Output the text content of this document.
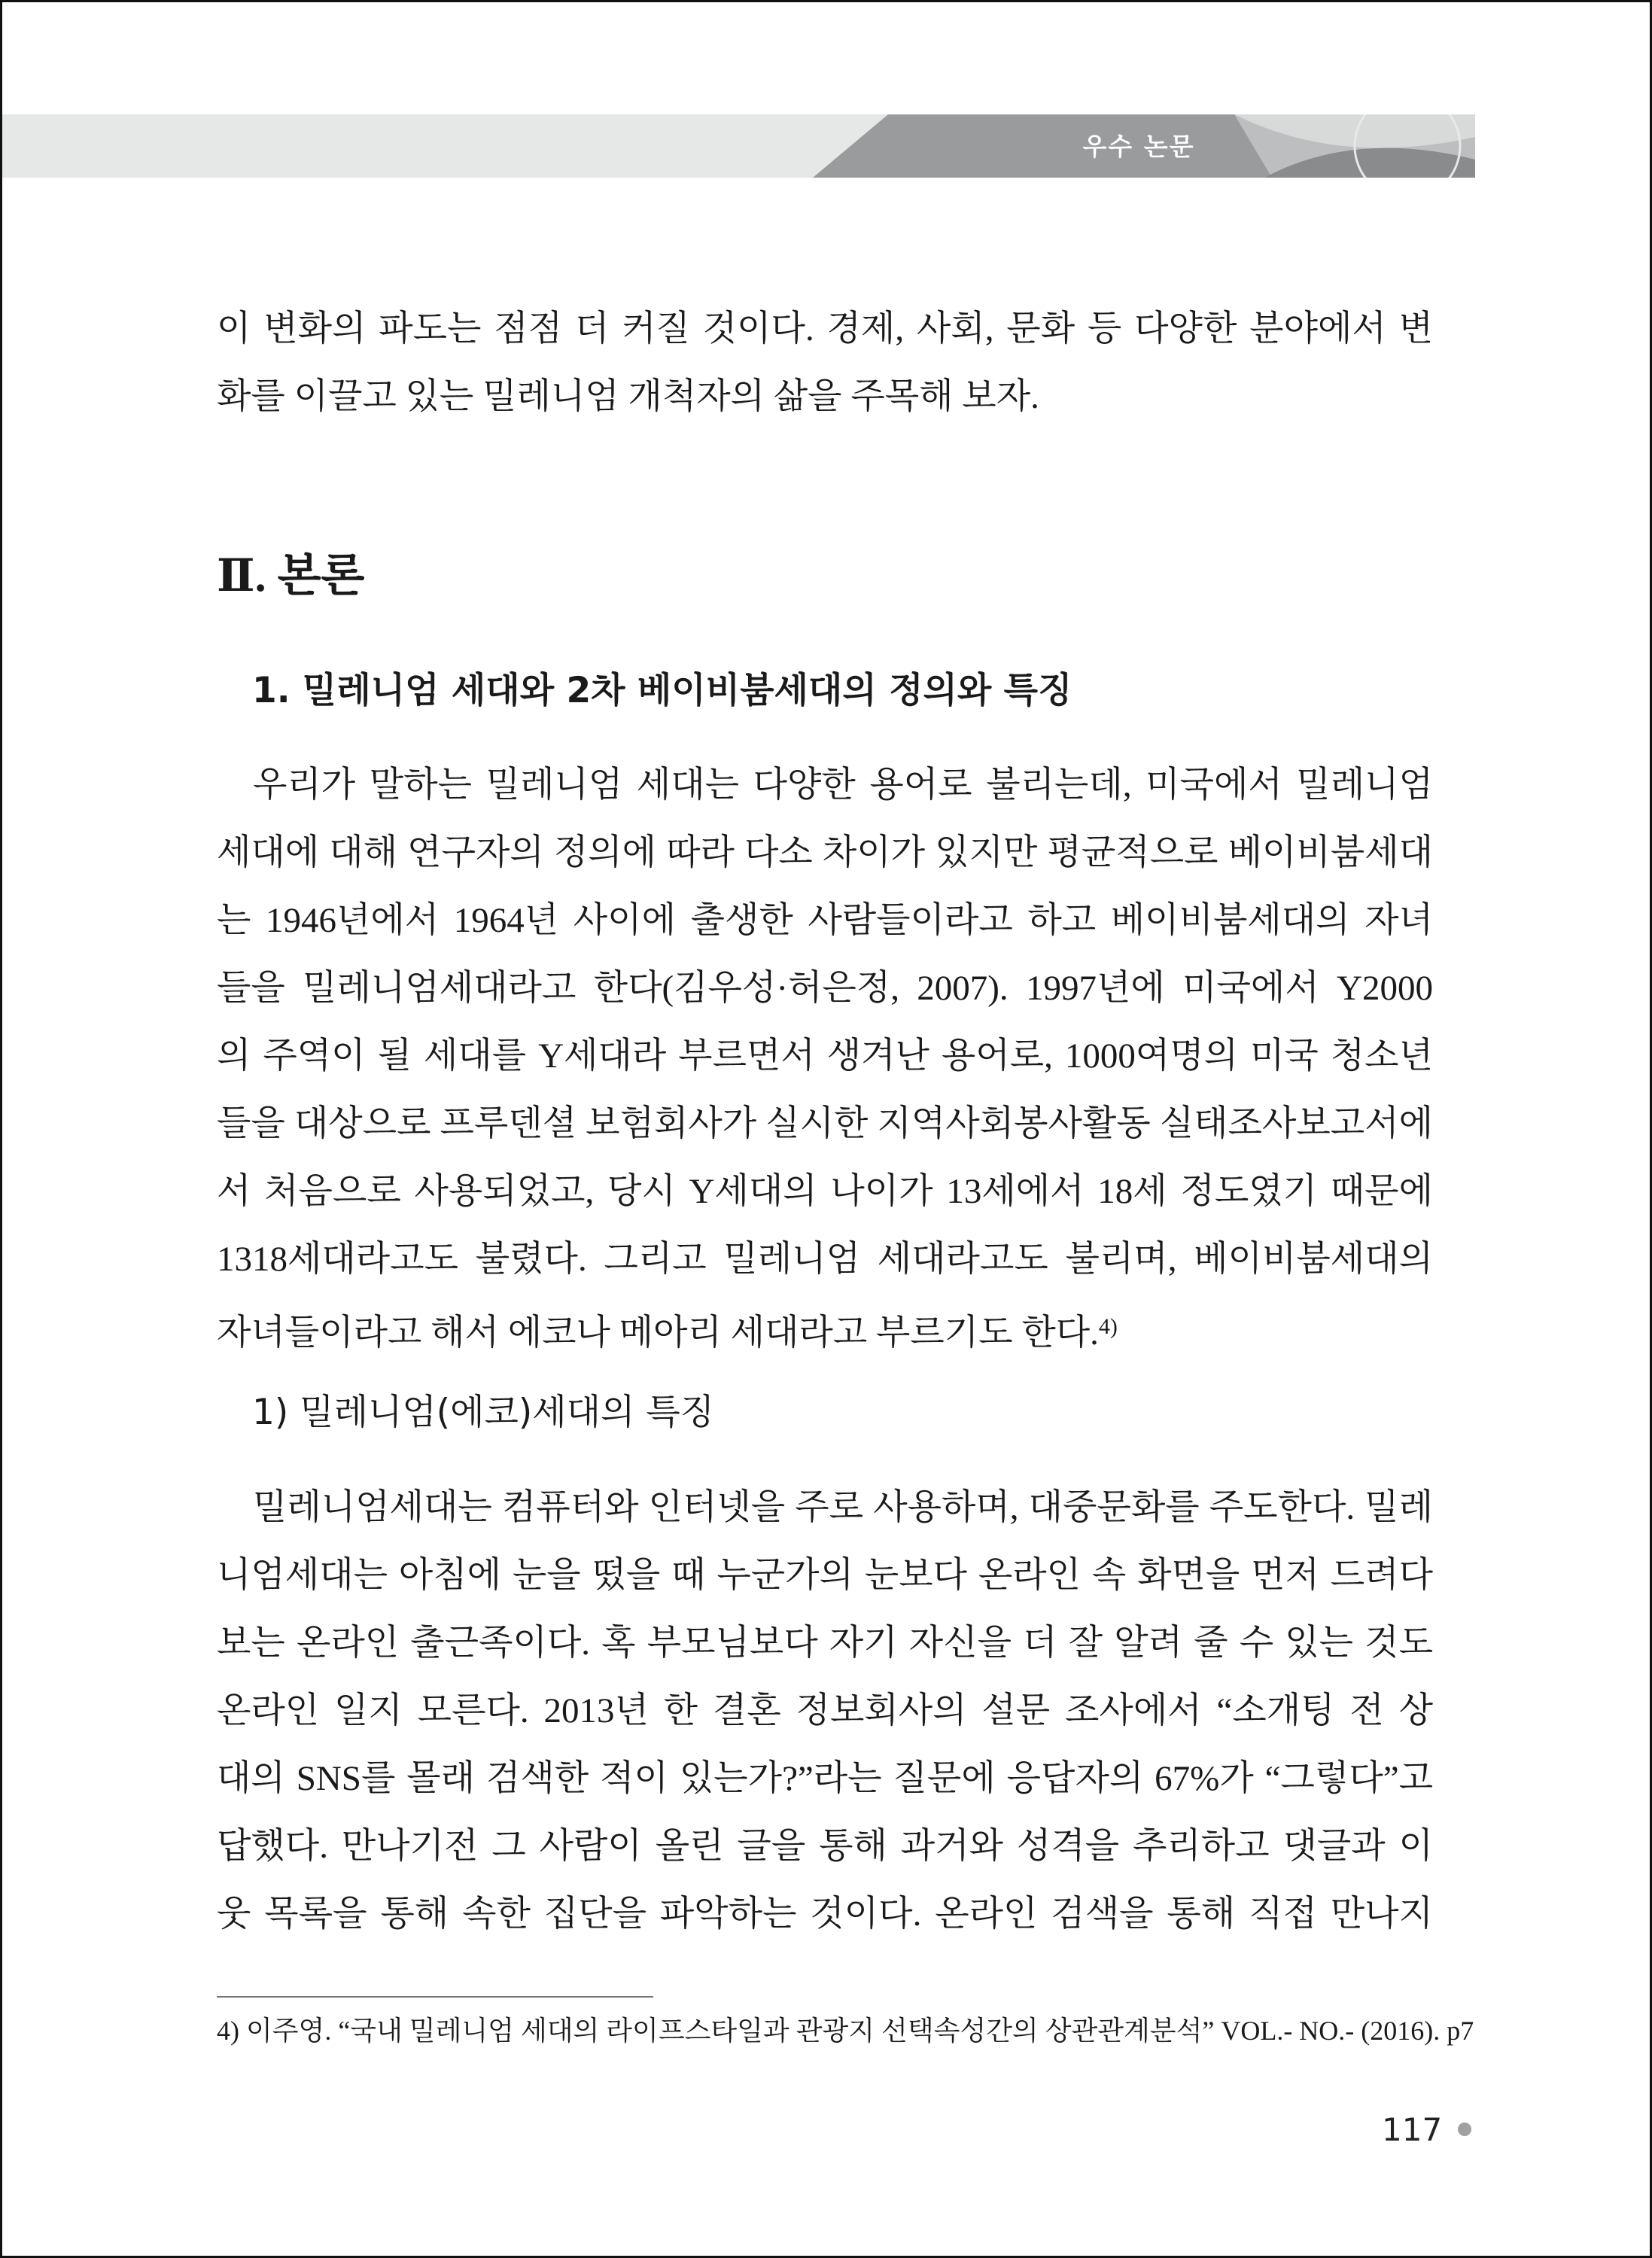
우수 논문
이 변화의 파도는 점점 더 커질 것이다. 경제, 사회, 문화 등 다양한 분야에서 변
화를 이끌고 있는 밀레니엄 개척자의 삶을 주목해 보자.
Ⅱ. 본론
1. 밀레니엄 세대와 2차 베이비붐세대의 정의와 특징
우리가 말하는 밀레니엄 세대는 다양한 용어로 불리는데, 미국에서 밀레니엄
세대에 대해 연구자의 정의에 따라 다소 차이가 있지만 평균적으로 베이비붐세대
는 1946년에서 1964년 사이에 출생한 사람들이라고 하고 베이비붐세대의 자녀
들을 밀레니엄세대라고 한다(김우성·허은정, 2007). 1997년에 미국에서 Y2000
의 주역이 될 세대를 Y세대라 부르면서 생겨난 용어로, 1000여명의 미국 청소년
들을 대상으로 프루덴셜 보험회사가 실시한 지역사회봉사활동 실태조사보고서에
서 처음으로 사용되었고, 당시 Y세대의 나이가 13세에서 18세 정도였기 때문에
1318세대라고도 불렸다. 그리고 밀레니엄 세대라고도 불리며, 베이비붐세대의
자녀들이라고 해서 에코나 메아리 세대라고 부르기도 한다.$^{4)}$
1) 밀레니엄(에코)세대의 특징
밀레니엄세대는 컴퓨터와 인터넷을 주로 사용하며, 대중문화를 주도한다. 밀레
니엄세대는 아침에 눈을 떴을 때 누군가의 눈보다 온라인 속 화면을 먼저 드려다
보는 온라인 출근족이다. 혹 부모님보다 자기 자신을 더 잘 알려 줄 수 있는 것도
온라인 일지 모른다. 2013년 한 결혼 정보회사의 설문 조사에서 “소개팅 전 상
대의 SNS를 몰래 검색한 적이 있는가?”라는 질문에 응답자의 67%가 “그렇다”고
답했다. 만나기전 그 사람이 올린 글을 통해 과거와 성격을 추리하고 댓글과 이
웃 목록을 통해 속한 집단을 파악하는 것이다. 온라인 검색을 통해 직접 만나지
4) 이주영. “국내 밀레니엄 세대의 라이프스타일과 관광지 선택속성간의 상관관계분석” VOL.- NO.- (2016). p7
117
